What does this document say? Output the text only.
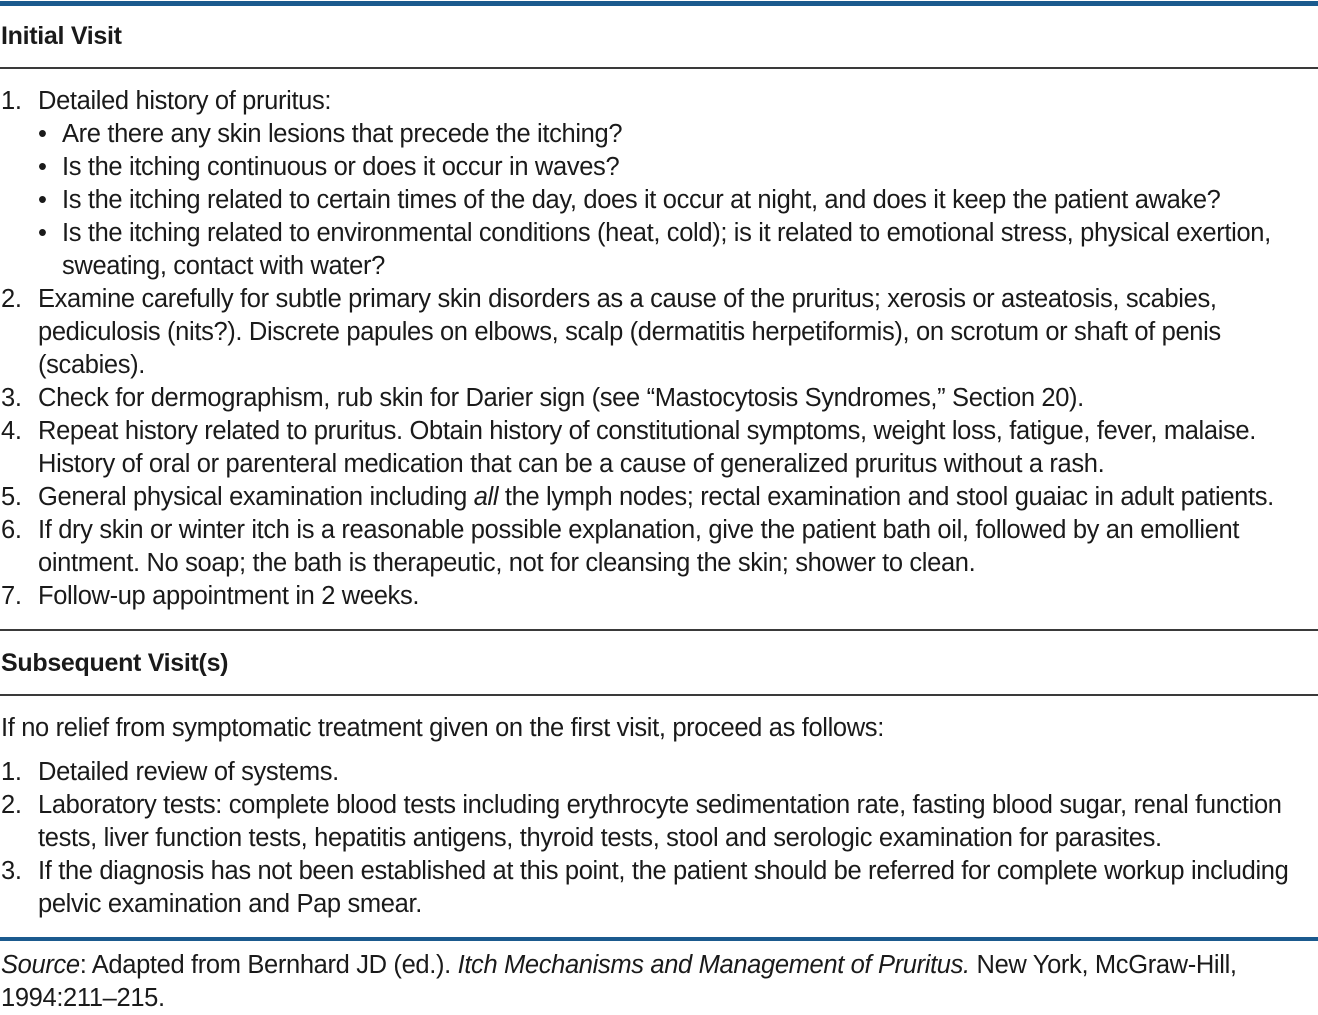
Initial Visit
1. Detailed history of pruritus:
• Are there any skin lesions that precede the itching?
• Is the itching continuous or does it occur in waves?
• Is the itching related to certain times of the day, does it occur at night, and does it keep the patient awake?
• Is the itching related to environmental conditions (heat, cold); is it related to emotional stress, physical exertion, sweating, contact with water?
2. Examine carefully for subtle primary skin disorders as a cause of the pruritus; xerosis or asteatosis, scabies, pediculosis (nits?). Discrete papules on elbows, scalp (dermatitis herpetiformis), on scrotum or shaft of penis (scabies).
3. Check for dermographism, rub skin for Darier sign (see “Mastocytosis Syndromes,” Section 20).
4. Repeat history related to pruritus. Obtain history of constitutional symptoms, weight loss, fatigue, fever, malaise. History of oral or parenteral medication that can be a cause of generalized pruritus without a rash.
5. General physical examination including all the lymph nodes; rectal examination and stool guaiac in adult patients.
6. If dry skin or winter itch is a reasonable possible explanation, give the patient bath oil, followed by an emollient ointment. No soap; the bath is therapeutic, not for cleansing the skin; shower to clean.
7. Follow-up appointment in 2 weeks.
Subsequent Visit(s)
If no relief from symptomatic treatment given on the first visit, proceed as follows:
1. Detailed review of systems.
2. Laboratory tests: complete blood tests including erythrocyte sedimentation rate, fasting blood sugar, renal function tests, liver function tests, hepatitis antigens, thyroid tests, stool and serologic examination for parasites.
3. If the diagnosis has not been established at this point, the patient should be referred for complete workup including pelvic examination and Pap smear.
Source: Adapted from Bernhard JD (ed.). Itch Mechanisms and Management of Pruritus. New York, McGraw-Hill, 1994:211–215.
